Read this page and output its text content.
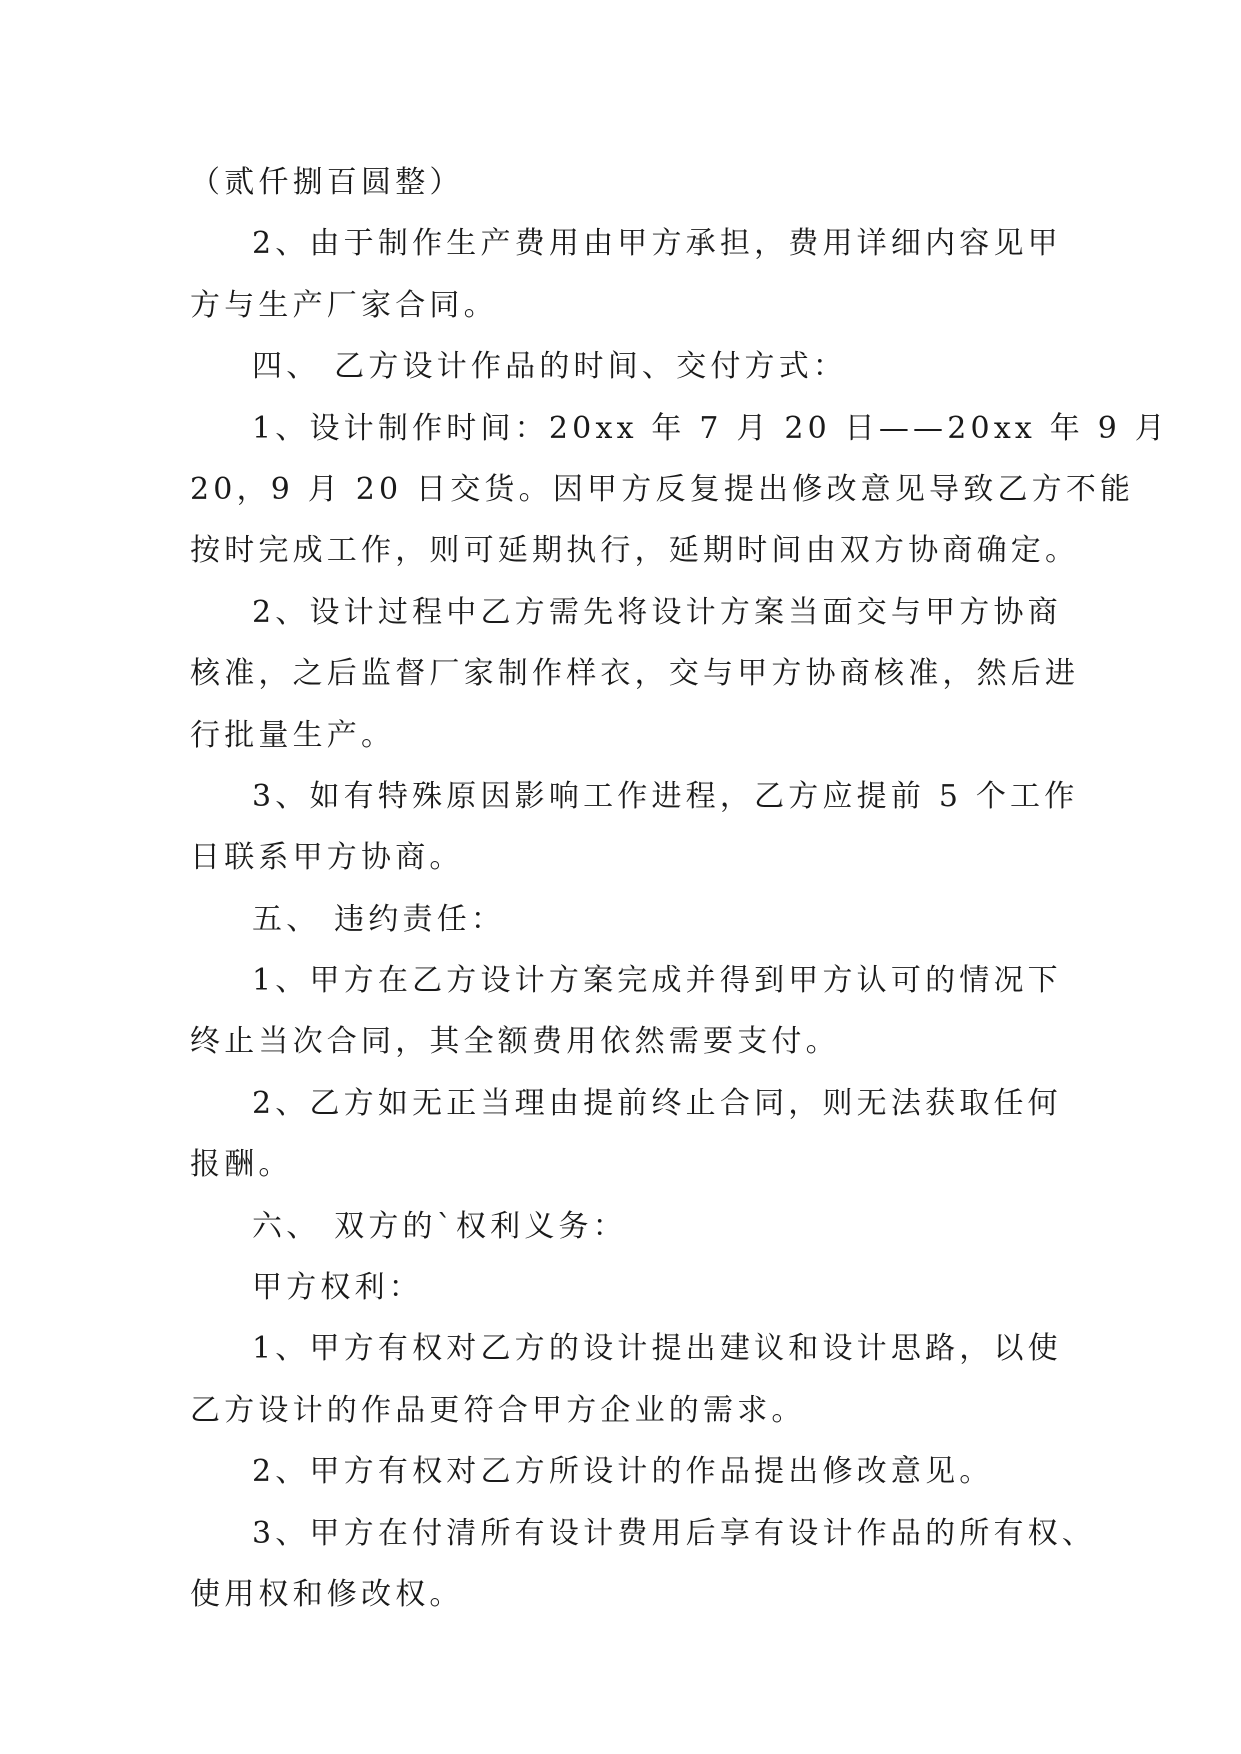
（贰仟捌百圆整）
2、由于制作生产费用由甲方承担，费用详细内容见甲
方与生产厂家合同。
四、 乙方设计作品的时间、交付方式：
1、设计制作时间：20xx 年 7 月 20 日——20xx 年 9 月
20，9 月 20 日交货。因甲方反复提出修改意见导致乙方不能
按时完成工作，则可延期执行，延期时间由双方协商确定。
2、设计过程中乙方需先将设计方案当面交与甲方协商
核准，之后监督厂家制作样衣，交与甲方协商核准，然后进
行批量生产。
3、如有特殊原因影响工作进程，乙方应提前 5 个工作
日联系甲方协商。
五、 违约责任：
1、甲方在乙方设计方案完成并得到甲方认可的情况下
终止当次合同，其全额费用依然需要支付。
2、乙方如无正当理由提前终止合同，则无法获取任何
报酬。
六、 双方的`权利义务：
甲方权利：
1、甲方有权对乙方的设计提出建议和设计思路，以使
乙方设计的作品更符合甲方企业的需求。
2、甲方有权对乙方所设计的作品提出修改意见。
3、甲方在付清所有设计费用后享有设计作品的所有权、
使用权和修改权。
